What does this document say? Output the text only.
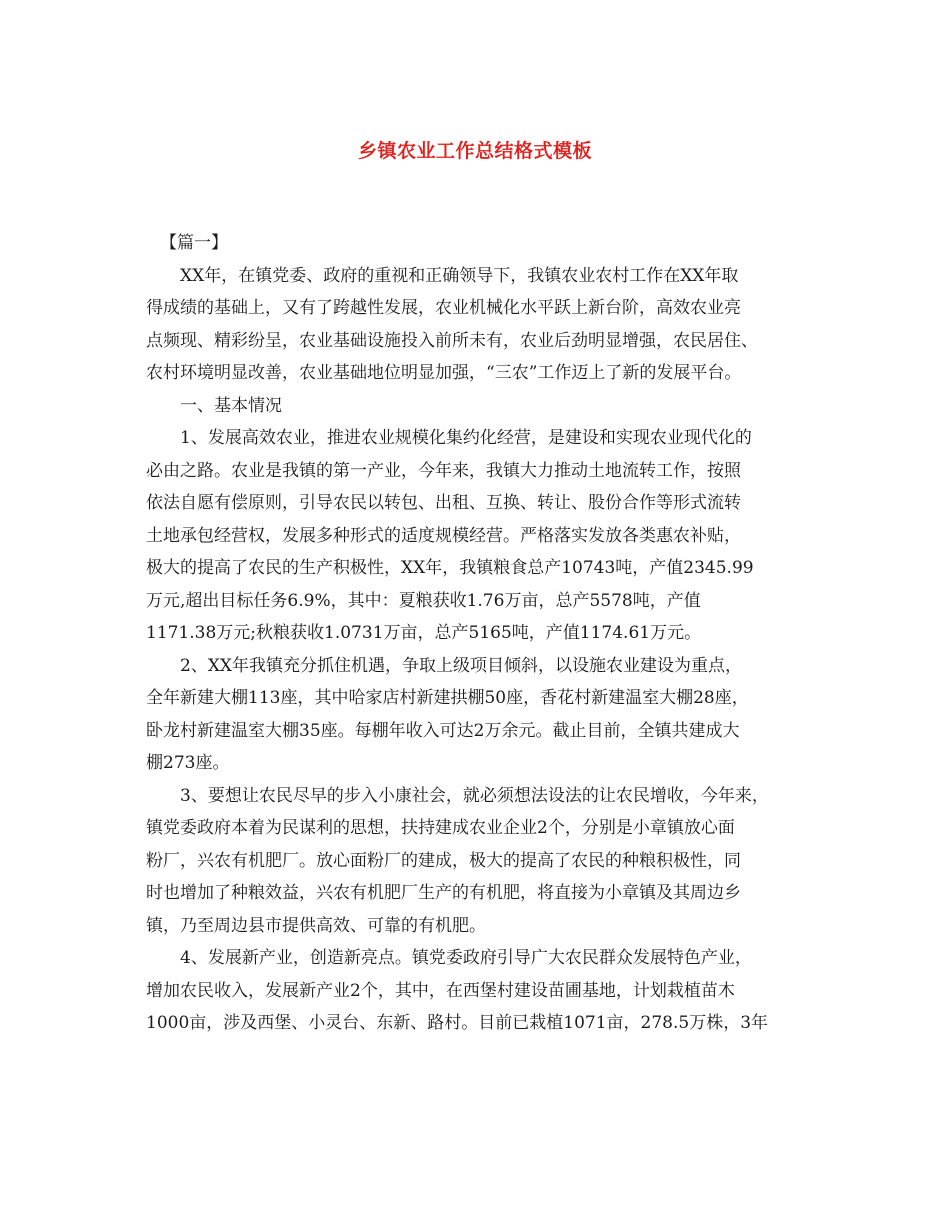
乡镇农业工作总结格式模板
【篇一】
XX年，在镇党委、政府的重视和正确领导下，我镇农业农村工作在XX年取
得成绩的基础上，又有了跨越性发展，农业机械化水平跃上新台阶，高效农业亮
点频现、精彩纷呈，农业基础设施投入前所未有，农业后劲明显增强，农民居住、
农村环境明显改善，农业基础地位明显加强，“三农”工作迈上了新的发展平台。
一、基本情况
1、发展高效农业，推进农业规模化集约化经营，是建设和实现农业现代化的
必由之路。农业是我镇的第一产业，今年来，我镇大力推动土地流转工作，按照
依法自愿有偿原则，引导农民以转包、出租、互换、转让、股份合作等形式流转
土地承包经营权，发展多种形式的适度规模经营。严格落实发放各类惠农补贴，
极大的提高了农民的生产积极性，XX年，我镇粮食总产10743吨，产值2345.99
万元,超出目标任务6.9%，其中：夏粮获收1.76万亩，总产5578吨，产值
1171.38万元;秋粮获收1.0731万亩，总产5165吨，产值1174.61万元。
2、XX年我镇充分抓住机遇，争取上级项目倾斜，以设施农业建设为重点，
全年新建大棚113座，其中哈家店村新建拱棚50座，香花村新建温室大棚28座，
卧龙村新建温室大棚35座。每棚年收入可达2万余元。截止目前，全镇共建成大
棚273座。
3、要想让农民尽早的步入小康社会，就必须想法设法的让农民增收，今年来，
镇党委政府本着为民谋利的思想，扶持建成农业企业2个，分别是小章镇放心面
粉厂，兴农有机肥厂。放心面粉厂的建成，极大的提高了农民的种粮积极性，同
时也增加了种粮效益，兴农有机肥厂生产的有机肥，将直接为小章镇及其周边乡
镇，乃至周边县市提供高效、可靠的有机肥。
4、发展新产业，创造新亮点。镇党委政府引导广大农民群众发展特色产业，
增加农民收入，发展新产业2个，其中，在西堡村建设苗圃基地，计划栽植苗木
1000亩，涉及西堡、小灵台、东新、路村。目前已栽植1071亩，278.5万株，3年
